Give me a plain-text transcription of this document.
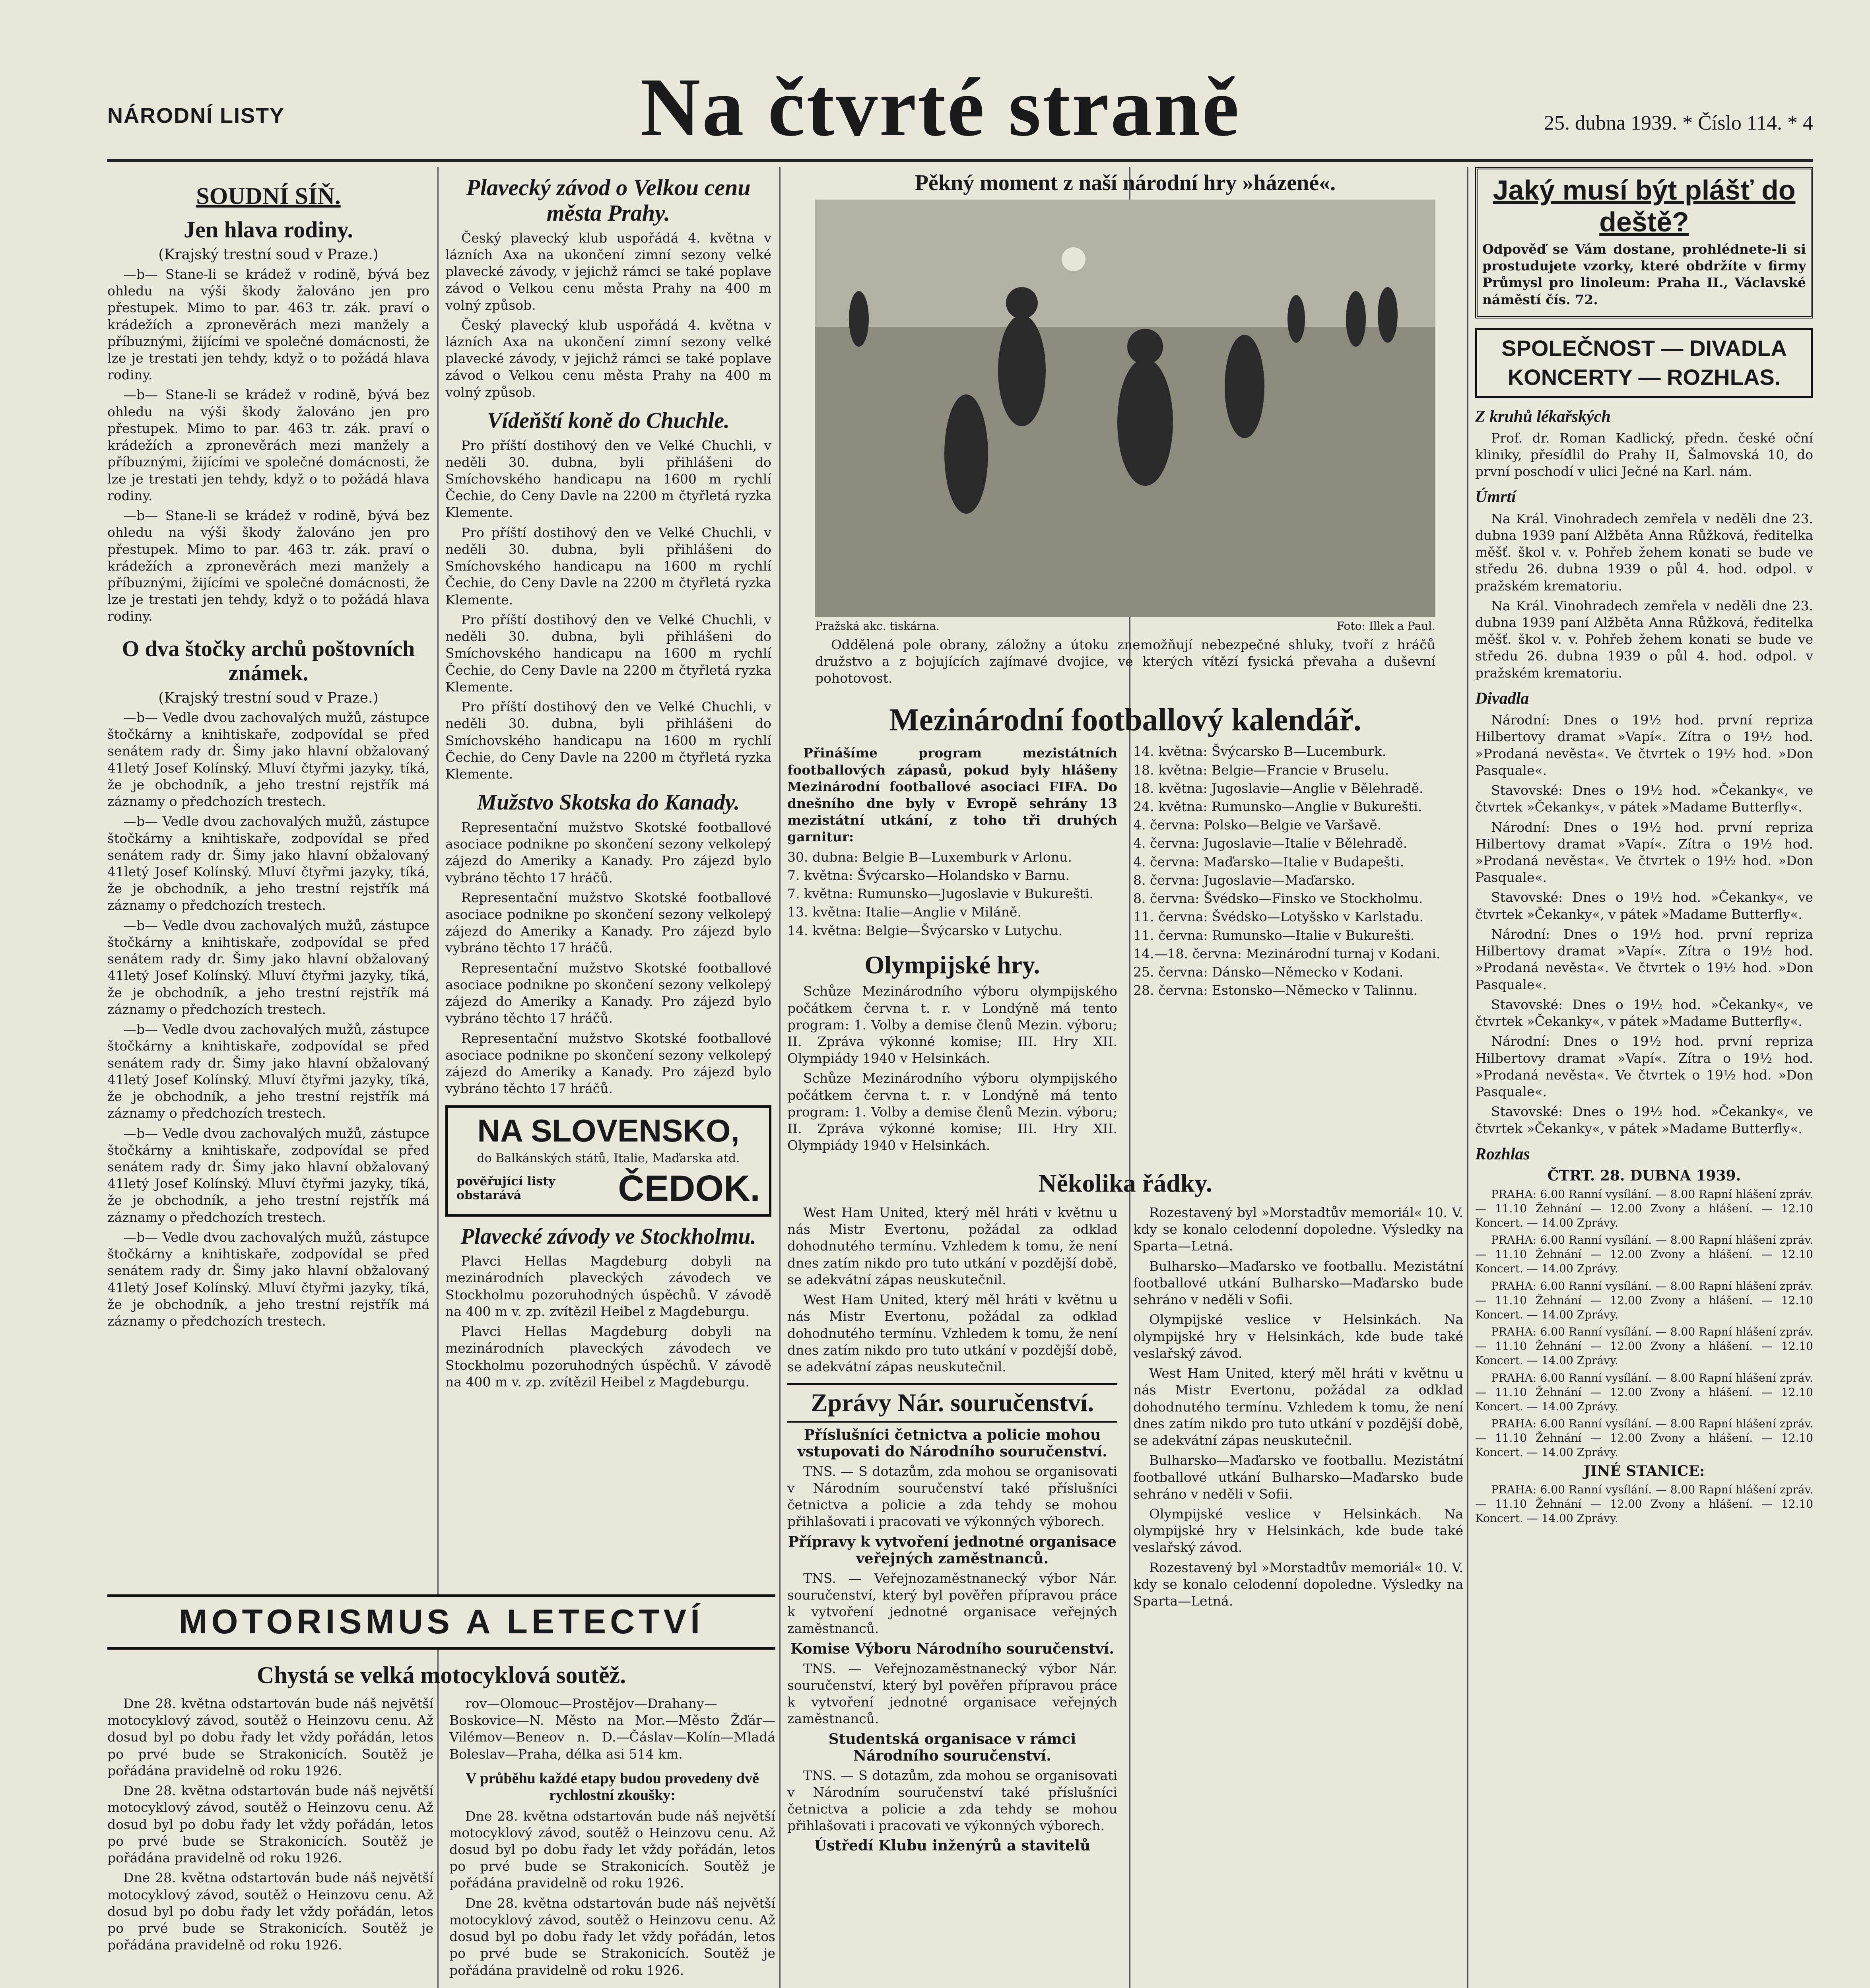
NÁRODNÍ LISTY	Na čtvrté straně	25. dubna 1939. * Číslo 114. * 4
SOUDNÍ SÍŇ.
Jen hlava rodiny.
(Krajský trestní soud v Praze.)
—b— Stane-li se krádež v rodině, bývá bez ohledu na výši škody žalováno jen pro přestupek. Mimo to par. 463 tr. zák. praví o krádežích a zpronevěrách mezi manžely a příbuznými, žijícími ve společné domácnosti, že lze je trestati jen tehdy, když o to požádá hlava rodiny.
—b— Stane-li se krádež v rodině, bývá bez ohledu na výši škody žalováno jen pro přestupek. Mimo to par. 463 tr. zák. praví o krádežích a zpronevěrách mezi manžely a příbuznými, žijícími ve společné domácnosti, že lze je trestati jen tehdy, když o to požádá hlava rodiny.
—b— Stane-li se krádež v rodině, bývá bez ohledu na výši škody žalováno jen pro přestupek. Mimo to par. 463 tr. zák. praví o krádežích a zpronevěrách mezi manžely a příbuznými, žijícími ve společné domácnosti, že lze je trestati jen tehdy, když o to požádá hlava rodiny.
O dva štočky archů poštovních známek.
(Krajský trestní soud v Praze.)
—b— Vedle dvou zachovalých mužů, zástupce štočkárny a knihtiskaře, zodpovídal se před senátem rady dr. Šimy jako hlavní obžalovaný 41letý Josef Kolínský. Mluví čtyřmi jazyky, tíká, že je obchodník, a jeho trestní rejstřík má záznamy o předchozích trestech.
—b— Vedle dvou zachovalých mužů, zástupce štočkárny a knihtiskaře, zodpovídal se před senátem rady dr. Šimy jako hlavní obžalovaný 41letý Josef Kolínský. Mluví čtyřmi jazyky, tíká, že je obchodník, a jeho trestní rejstřík má záznamy o předchozích trestech.
—b— Vedle dvou zachovalých mužů, zástupce štočkárny a knihtiskaře, zodpovídal se před senátem rady dr. Šimy jako hlavní obžalovaný 41letý Josef Kolínský. Mluví čtyřmi jazyky, tíká, že je obchodník, a jeho trestní rejstřík má záznamy o předchozích trestech.
—b— Vedle dvou zachovalých mužů, zástupce štočkárny a knihtiskaře, zodpovídal se před senátem rady dr. Šimy jako hlavní obžalovaný 41letý Josef Kolínský. Mluví čtyřmi jazyky, tíká, že je obchodník, a jeho trestní rejstřík má záznamy o předchozích trestech.
—b— Vedle dvou zachovalých mužů, zástupce štočkárny a knihtiskaře, zodpovídal se před senátem rady dr. Šimy jako hlavní obžalovaný 41letý Josef Kolínský. Mluví čtyřmi jazyky, tíká, že je obchodník, a jeho trestní rejstřík má záznamy o předchozích trestech.
—b— Vedle dvou zachovalých mužů, zástupce štočkárny a knihtiskaře, zodpovídal se před senátem rady dr. Šimy jako hlavní obžalovaný 41letý Josef Kolínský. Mluví čtyřmi jazyky, tíká, že je obchodník, a jeho trestní rejstřík má záznamy o předchozích trestech.
MOTORISMUS A LETECTVÍ
Chystá se velká motocyklová soutěž.
Dne 28. května odstartován bude náš největší motocyklový závod, soutěž o Heinzovu cenu. Až dosud byl po dobu řady let vždy pořádán, letos po prvé bude se Strakonicích. Soutěž je pořádána pravidelně od roku 1926.
Dne 28. května odstartován bude náš největší motocyklový závod, soutěž o Heinzovu cenu. Až dosud byl po dobu řady let vždy pořádán, letos po prvé bude se Strakonicích. Soutěž je pořádána pravidelně od roku 1926.
Dne 28. května odstartován bude náš největší motocyklový závod, soutěž o Heinzovu cenu. Až dosud byl po dobu řady let vždy pořádán, letos po prvé bude se Strakonicích. Soutěž je pořádána pravidelně od roku 1926.
rov—Olomouc—Prostějov—Drahany—Boskovice—N. Město na Mor.—Město Žďár—Vilémov—Beneov n. D.—Čáslav—Kolín—Mladá Boleslav—Praha, délka asi 514 km.
V průběhu každé etapy budou provedeny dvě rychlostní zkoušky:
Dne 28. května odstartován bude náš největší motocyklový závod, soutěž o Heinzovu cenu. Až dosud byl po dobu řady let vždy pořádán, letos po prvé bude se Strakonicích. Soutěž je pořádána pravidelně od roku 1926.
Dne 28. května odstartován bude náš největší motocyklový závod, soutěž o Heinzovu cenu. Až dosud byl po dobu řady let vždy pořádán, letos po prvé bude se Strakonicích. Soutěž je pořádána pravidelně od roku 1926.
Plavecký závod o Velkou cenu města Prahy.
Český plavecký klub uspořádá 4. května v lázních Axa na ukončení zimní sezony velké plavecké závody, v jejichž rámci se také poplave závod o Velkou cenu města Prahy na 400 m volný způsob.
Český plavecký klub uspořádá 4. května v lázních Axa na ukončení zimní sezony velké plavecké závody, v jejichž rámci se také poplave závod o Velkou cenu města Prahy na 400 m volný způsob.
Vídeňští koně do Chuchle.
Pro příští dostihový den ve Velké Chuchli, v neděli 30. dubna, byli přihlášeni do Smíchovského handicapu na 1600 m rychlí Čechie, do Ceny Davle na 2200 m čtyřletá ryzka Klemente.
Pro příští dostihový den ve Velké Chuchli, v neděli 30. dubna, byli přihlášeni do Smíchovského handicapu na 1600 m rychlí Čechie, do Ceny Davle na 2200 m čtyřletá ryzka Klemente.
Pro příští dostihový den ve Velké Chuchli, v neděli 30. dubna, byli přihlášeni do Smíchovského handicapu na 1600 m rychlí Čechie, do Ceny Davle na 2200 m čtyřletá ryzka Klemente.
Pro příští dostihový den ve Velké Chuchli, v neděli 30. dubna, byli přihlášeni do Smíchovského handicapu na 1600 m rychlí Čechie, do Ceny Davle na 2200 m čtyřletá ryzka Klemente.
Mužstvo Skotska do Kanady.
Representační mužstvo Skotské footballové asociace podnikne po skončení sezony velkolepý zájezd do Ameriky a Kanady. Pro zájezd bylo vybráno těchto 17 hráčů.
Representační mužstvo Skotské footballové asociace podnikne po skončení sezony velkolepý zájezd do Ameriky a Kanady. Pro zájezd bylo vybráno těchto 17 hráčů.
Representační mužstvo Skotské footballové asociace podnikne po skončení sezony velkolepý zájezd do Ameriky a Kanady. Pro zájezd bylo vybráno těchto 17 hráčů.
Representační mužstvo Skotské footballové asociace podnikne po skončení sezony velkolepý zájezd do Ameriky a Kanady. Pro zájezd bylo vybráno těchto 17 hráčů.
NA SLOVENSKO,
do Balkánských států, Italie, Maďarska atd.
pověřující listy obstarává	ČEDOK.
Plavecké závody ve Stockholmu.
Plavci Hellas Magdeburg dobyli na mezinárodních plaveckých závodech ve Stockholmu pozoruhodných úspěchů. V závodě na 400 m v. zp. zvítězil Heibel z Magdeburgu.
Plavci Hellas Magdeburg dobyli na mezinárodních plaveckých závodech ve Stockholmu pozoruhodných úspěchů. V závodě na 400 m v. zp. zvítězil Heibel z Magdeburgu.
Pěkný moment z naší národní hry »házené«.
Pražská akc. tiskárna.	Foto: Illek a Paul.
Oddělená pole obrany, záložny a útoku znemožňují nebezpečné shluky, tvoří z hráčů družstvo a z bojujících zajímavé dvojice, ve kterých vítězí fysická převaha a duševní pohotovost.
Mezinárodní footballový kalendář.
Přinášíme program mezistátních footballových zápasů, pokud byly hlášeny Mezinárodní footballové asociaci FIFA. Do dnešního dne byly v Evropě sehrány 13 mezistátní utkání, z toho tři druhých garnitur:
30. dubna: Belgie B—Luxemburk v Arlonu.
7. května: Švýcarsko—Holandsko v Barnu.
7. května: Rumunsko—Jugoslavie v Bukurešti.
13. května: Italie—Anglie v Miláně.
14. května: Belgie—Švýcarsko v Lutychu.
Olympijské hry.
Schůze Mezinárodního výboru olympijského počátkem června t. r. v Londýně má tento program: 1. Volby a demise členů Mezin. výboru; II. Zpráva výkonné komise; III. Hry XII. Olympiády 1940 v Helsinkách.
Schůze Mezinárodního výboru olympijského počátkem června t. r. v Londýně má tento program: 1. Volby a demise členů Mezin. výboru; II. Zpráva výkonné komise; III. Hry XII. Olympiády 1940 v Helsinkách.
14. května: Švýcarsko B—Lucemburk.
18. května: Belgie—Francie v Bruselu.
18. května: Jugoslavie—Anglie v Bělehradě.
24. května: Rumunsko—Anglie v Bukurešti.
4. června: Polsko—Belgie ve Varšavě.
4. června: Jugoslavie—Italie v Bělehradě.
4. června: Maďarsko—Italie v Budapešti.
8. června: Jugoslavie—Maďarsko.
8. června: Švédsko—Finsko ve Stockholmu.
11. června: Švédsko—Lotyšsko v Karlstadu.
11. června: Rumunsko—Italie v Bukurešti.
14.—18. června: Mezinárodní turnaj v Kodani.
25. června: Dánsko—Německo v Kodani.
28. června: Estonsko—Německo v Talinnu.
Několika řádky.
West Ham United, který měl hráti v květnu u nás Mistr Evertonu, požádal za odklad dohodnutého termínu. Vzhledem k tomu, že není dnes zatím nikdo pro tuto utkání v pozdější době, se adekvátní zápas neuskutečnil.
West Ham United, který měl hráti v květnu u nás Mistr Evertonu, požádal za odklad dohodnutého termínu. Vzhledem k tomu, že není dnes zatím nikdo pro tuto utkání v pozdější době, se adekvátní zápas neuskutečnil.
Zprávy Nár. souručenství.
Příslušníci četnictva a policie mohou vstupovati do Národního souručenství.
TNS. — S dotazům, zda mohou se organisovati v Národním souručenství také příslušníci četnictva a policie a zda tehdy se mohou přihlašovati i pracovati ve výkonných výborech.
Přípravy k vytvoření jednotné organisace veřejných zaměstnanců.
TNS. — Veřejnozaměstnanecký výbor Nár. souručenství, který byl pověřen přípravou práce k vytvoření jednotné organisace veřejných zaměstnanců.
Komise Výboru Národního souručenství.
TNS. — Veřejnozaměstnanecký výbor Nár. souručenství, který byl pověřen přípravou práce k vytvoření jednotné organisace veřejných zaměstnanců.
Studentská organisace v rámci Národního souručenství.
TNS. — S dotazům, zda mohou se organisovati v Národním souručenství také příslušníci četnictva a policie a zda tehdy se mohou přihlašovati i pracovati ve výkonných výborech.
Ústředí Klubu inženýrů a stavitelů
Rozestavený byl »Morstadtův memoriál« 10. V. kdy se konalo celodenní dopoledne. Výsledky na Sparta—Letná.
Bulharsko—Maďarsko ve footballu. Mezistátní footballové utkání Bulharsko—Maďarsko bude sehráno v neděli v Sofii.
Olympijské veslice v Helsinkách. Na olympijské hry v Helsinkách, kde bude také veslařský závod.
West Ham United, který měl hráti v květnu u nás Mistr Evertonu, požádal za odklad dohodnutého termínu. Vzhledem k tomu, že není dnes zatím nikdo pro tuto utkání v pozdější době, se adekvátní zápas neuskutečnil.
Bulharsko—Maďarsko ve footballu. Mezistátní footballové utkání Bulharsko—Maďarsko bude sehráno v neděli v Sofii.
Olympijské veslice v Helsinkách. Na olympijské hry v Helsinkách, kde bude také veslařský závod.
Rozestavený byl »Morstadtův memoriál« 10. V. kdy se konalo celodenní dopoledne. Výsledky na Sparta—Letná.
Jaký musí být plášť do deště?
Odpověď se Vám dostane, prohlédnete-li si prostudujete vzorky, které obdržíte v firmy Průmysl pro linoleum: Praha II., Václavské náměstí čís. 72.
SPOLEČNOST — DIVADLA KONCERTY — ROZHLAS.
Z kruhů lékařských
Prof. dr. Roman Kadlický, předn. české oční kliniky, přesídlil do Prahy II, Šalmovská 10, do první poschodí v ulici Ječné na Karl. nám.
Úmrtí
Na Král. Vinohradech zemřela v neděli dne 23. dubna 1939 paní Alžběta Anna Růžková, ředitelka měšť. škol v. v. Pohřeb žehem konati se bude ve středu 26. dubna 1939 o půl 4. hod. odpol. v pražském krematoriu.
Na Král. Vinohradech zemřela v neděli dne 23. dubna 1939 paní Alžběta Anna Růžková, ředitelka měšť. škol v. v. Pohřeb žehem konati se bude ve středu 26. dubna 1939 o půl 4. hod. odpol. v pražském krematoriu.
Divadla
Národní: Dnes o 19½ hod. první repriza Hilbertovy dramat »Vapí«. Zítra o 19½ hod. »Prodaná nevěsta«. Ve čtvrtek o 19½ hod. »Don Pasquale«.
Stavovské: Dnes o 19½ hod. »Čekanky«, ve čtvrtek »Čekanky«, v pátek »Madame Butterfly«.
Národní: Dnes o 19½ hod. první repriza Hilbertovy dramat »Vapí«. Zítra o 19½ hod. »Prodaná nevěsta«. Ve čtvrtek o 19½ hod. »Don Pasquale«.
Stavovské: Dnes o 19½ hod. »Čekanky«, ve čtvrtek »Čekanky«, v pátek »Madame Butterfly«.
Národní: Dnes o 19½ hod. první repriza Hilbertovy dramat »Vapí«. Zítra o 19½ hod. »Prodaná nevěsta«. Ve čtvrtek o 19½ hod. »Don Pasquale«.
Stavovské: Dnes o 19½ hod. »Čekanky«, ve čtvrtek »Čekanky«, v pátek »Madame Butterfly«.
Národní: Dnes o 19½ hod. první repriza Hilbertovy dramat »Vapí«. Zítra o 19½ hod. »Prodaná nevěsta«. Ve čtvrtek o 19½ hod. »Don Pasquale«.
Stavovské: Dnes o 19½ hod. »Čekanky«, ve čtvrtek »Čekanky«, v pátek »Madame Butterfly«.
Rozhlas
ČTRT. 28. DUBNA 1939.
PRAHA: 6.00 Ranní vysílání. — 8.00 Rapní hlášení zpráv. — 11.10 Žehnání — 12.00 Zvony a hlášení. — 12.10 Koncert. — 14.00 Zprávy.
PRAHA: 6.00 Ranní vysílání. — 8.00 Rapní hlášení zpráv. — 11.10 Žehnání — 12.00 Zvony a hlášení. — 12.10 Koncert. — 14.00 Zprávy.
PRAHA: 6.00 Ranní vysílání. — 8.00 Rapní hlášení zpráv. — 11.10 Žehnání — 12.00 Zvony a hlášení. — 12.10 Koncert. — 14.00 Zprávy.
PRAHA: 6.00 Ranní vysílání. — 8.00 Rapní hlášení zpráv. — 11.10 Žehnání — 12.00 Zvony a hlášení. — 12.10 Koncert. — 14.00 Zprávy.
PRAHA: 6.00 Ranní vysílání. — 8.00 Rapní hlášení zpráv. — 11.10 Žehnání — 12.00 Zvony a hlášení. — 12.10 Koncert. — 14.00 Zprávy.
PRAHA: 6.00 Ranní vysílání. — 8.00 Rapní hlášení zpráv. — 11.10 Žehnání — 12.00 Zvony a hlášení. — 12.10 Koncert. — 14.00 Zprávy.
JINÉ STANICE:
PRAHA: 6.00 Ranní vysílání. — 8.00 Rapní hlášení zpráv. — 11.10 Žehnání — 12.00 Zvony a hlášení. — 12.10 Koncert. — 14.00 Zprávy.
